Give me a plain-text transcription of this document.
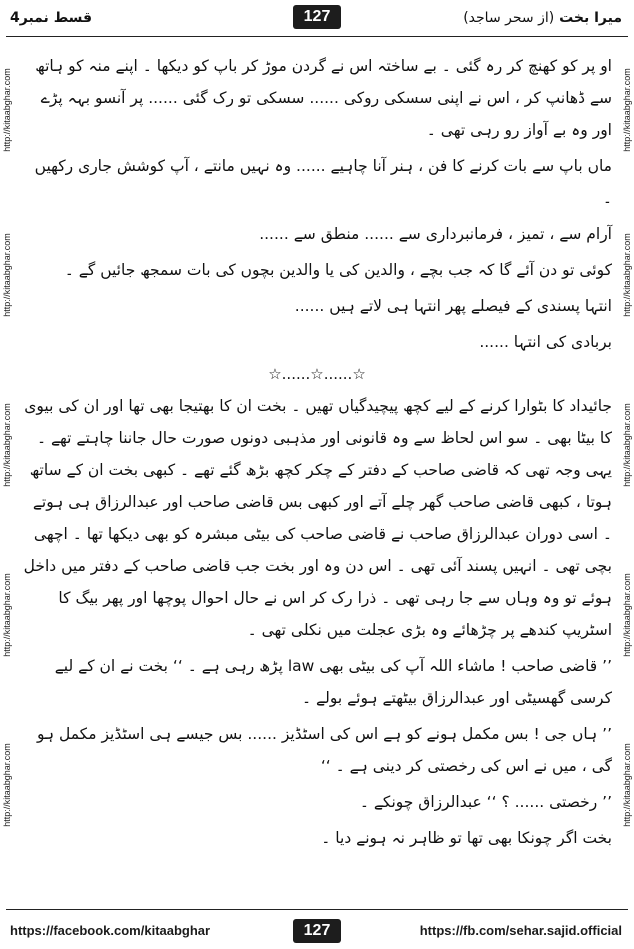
قسط نمبر4	127	میرا بخت (از سحر ساجد)
http://kitaabghar.com
http://kitaabghar.com
http://kitaabghar.com
http://kitaabghar.com
http://kitaabghar.com
http://kitaabghar.com
http://kitaabghar.com
http://kitaabghar.com
http://kitaabghar.com
http://kitaabghar.com

او پر کو کھنچ کر رہ گئی ۔ بے ساختہ اس نے گردن موڑ کر باپ کو دیکھا ۔ اپنے منہ کو ہاتھ سے ڈھانپ کر ، اس نے اپنی سسکی روکی ...... سسکی تو رک گئی ...... پر آنسو بہہ پڑے اور وہ بے آواز رو رہی تھی ۔

ماں باپ سے بات کرنے کا فن ، ہنر آنا چاہیے ...... وہ نہیں مانتے ، آپ کوشش جاری رکھیں ۔

آرام سے ، تمیز ، فرمانبرداری سے ...... منطق سے ......

کوئی تو دن آئے گا کہ جب بچے ، والدین کی یا والدین بچوں کی بات سمجھ جائیں گے ۔

انتہا پسندی کے فیصلے پھر انتہا ہی لاتے ہیں ......

بربادی کی انتہا ......

☆......☆......☆

جائیداد کا بٹوارا کرنے کے لیے کچھ پیچیدگیاں تھیں ۔ بخت ان کا بھتیجا بھی تھا اور ان کی بیوی کا بیٹا بھی ۔ سو اس لحاظ سے وہ قانونی اور مذہبی دونوں صورت حال جاننا چاہتے تھے ۔ یہی وجہ تھی کہ قاضی صاحب کے دفتر کے چکر کچھ بڑھ گئے تھے ۔ کبھی بخت ان کے ساتھ ہوتا ، کبھی قاضی صاحب گھر چلے آتے اور کبھی بس قاضی صاحب اور عبدالرزاق ہی ہوتے ۔ اسی دوران عبدالرزاق صاحب نے قاضی صاحب کی بیٹی مبشرہ کو بھی دیکھا تھا ۔ اچھی بچی تھی ۔ انہیں پسند آئی تھی ۔ اس دن وہ اور بخت جب قاضی صاحب کے دفتر میں داخل ہوئے تو وہ وہاں سے جا رہی تھی ۔ ذرا رک کر اس نے حال احوال پوچھا اور پھر بیگ کا اسٹریپ کندھے پر چڑھائے وہ بڑی عجلت میں نکلی تھی ۔

’’ قاضی صاحب ! ماشاء اللہ آپ کی بیٹی بھی law پڑھ رہی ہے ۔ ‘‘ بخت نے ان کے لیے کرسی گھسیٹی اور عبدالرزاق بیٹھتے ہوئے بولے ۔

’’ ہاں جی ! بس مکمل ہونے کو ہے اس کی اسٹڈیز ...... بس جیسے ہی اسٹڈیز مکمل ہو گی ، میں نے اس کی رخصتی کر دینی ہے ۔ ‘‘

’’ رخصتی ...... ؟ ‘‘ عبدالرزاق چونکے ۔

بخت اگر چونکا بھی تھا تو ظاہر نہ ہونے دیا ۔

https://facebook.com/kitaabghar	127	https://fb.com/sehar.sajid.official
